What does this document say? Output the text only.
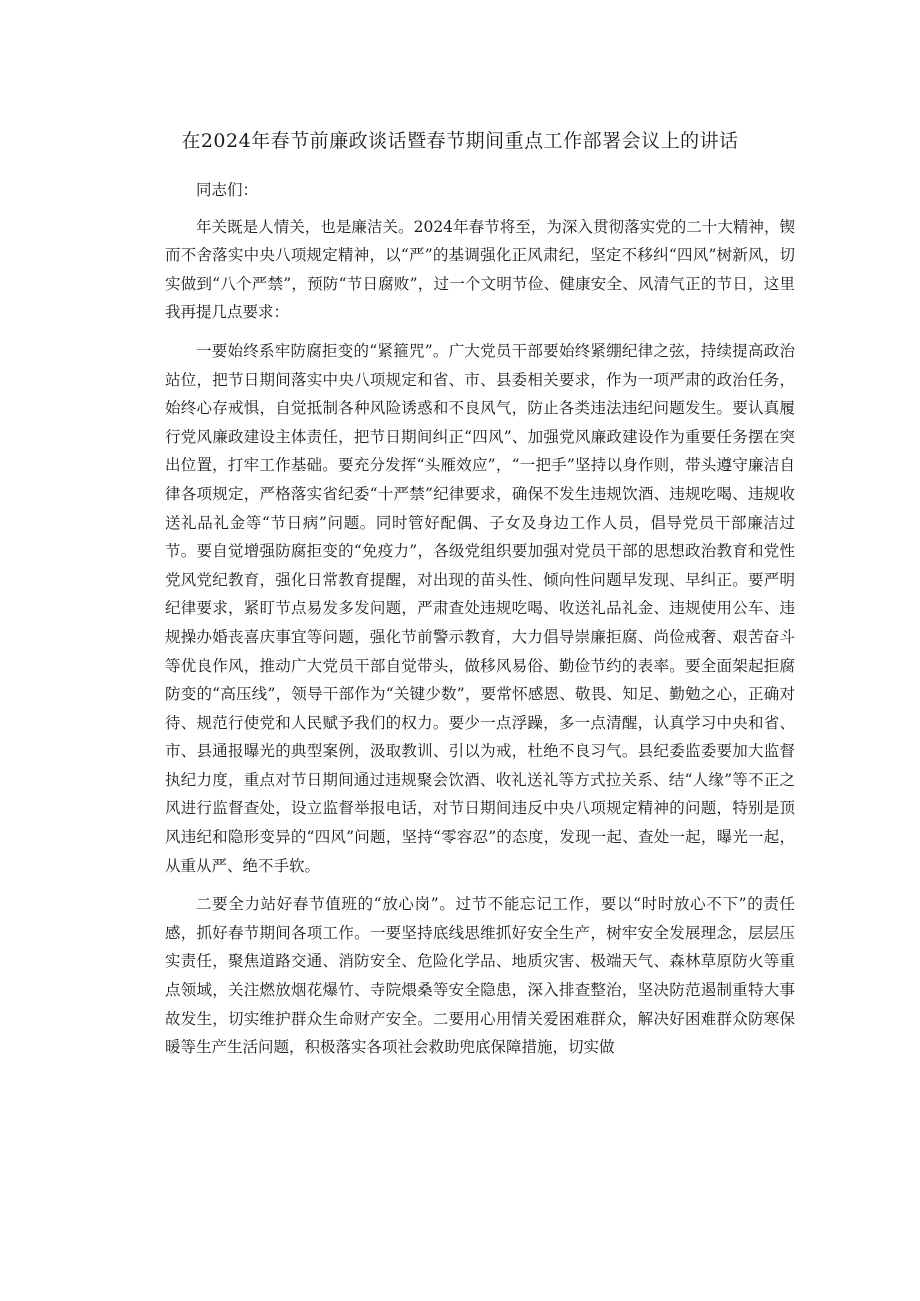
在2024年春节前廉政谈话暨春节期间重点工作部署会议上的讲话

同志们：

年关既是人情关，也是廉洁关。2024年春节将至，为深入贯彻落实党的二十大精神，锲而不舍落实中央八项规定精神，以“严”的基调强化正风肃纪，坚定不移纠“四风”树新风，切实做到“八个严禁”，预防“节日腐败”，过一个文明节俭、健康安全、风清气正的节日，这里我再提几点要求：

一要始终系牢防腐拒变的“紧箍咒”。广大党员干部要始终紧绷纪律之弦，持续提高政治站位，把节日期间落实中央八项规定和省、市、县委相关要求，作为一项严肃的政治任务，始终心存戒惧，自觉抵制各种风险诱惑和不良风气，防止各类违法违纪问题发生。要认真履行党风廉政建设主体责任，把节日期间纠正“四风”、加强党风廉政建设作为重要任务摆在突出位置，打牢工作基础。要充分发挥“头雁效应”，“一把手”坚持以身作则，带头遵守廉洁自律各项规定，严格落实省纪委“十严禁”纪律要求，确保不发生违规饮酒、违规吃喝、违规收送礼品礼金等“节日病”问题。同时管好配偶、子女及身边工作人员，倡导党员干部廉洁过节。要自觉增强防腐拒变的“免疫力”，各级党组织要加强对党员干部的思想政治教育和党性党风党纪教育，强化日常教育提醒，对出现的苗头性、倾向性问题早发现、早纠正。要严明纪律要求，紧盯节点易发多发问题，严肃查处违规吃喝、收送礼品礼金、违规使用公车、违规操办婚丧喜庆事宜等问题，强化节前警示教育，大力倡导崇廉拒腐、尚俭戒奢、艰苦奋斗等优良作风，推动广大党员干部自觉带头，做移风易俗、勤俭节约的表率。要全面架起拒腐防变的“高压线”，领导干部作为“关键少数”，要常怀感恩、敬畏、知足、勤勉之心，正确对待、规范行使党和人民赋予我们的权力。要少一点浮躁，多一点清醒，认真学习中央和省、市、县通报曝光的典型案例，汲取教训、引以为戒，杜绝不良习气。县纪委监委要加大监督执纪力度，重点对节日期间通过违规聚会饮酒、收礼送礼等方式拉关系、结“人缘”等不正之风进行监督查处，设立监督举报电话，对节日期间违反中央八项规定精神的问题，特别是顶风违纪和隐形变异的“四风”问题，坚持“零容忍”的态度，发现一起、查处一起，曝光一起，从重从严、绝不手软。

二要全力站好春节值班的“放心岗”。过节不能忘记工作，要以“时时放心不下”的责任感，抓好春节期间各项工作。一要坚持底线思维抓好安全生产，树牢安全发展理念，层层压实责任，聚焦道路交通、消防安全、危险化学品、地质灾害、极端天气、森林草原防火等重点领域，关注燃放烟花爆竹、寺院煨桑等安全隐患，深入排查整治，坚决防范遏制重特大事故发生，切实维护群众生命财产安全。二要用心用情关爱困难群众，解决好困难群众防寒保暖等生产生活问题，积极落实各项社会救助兜底保障措施，切实做
